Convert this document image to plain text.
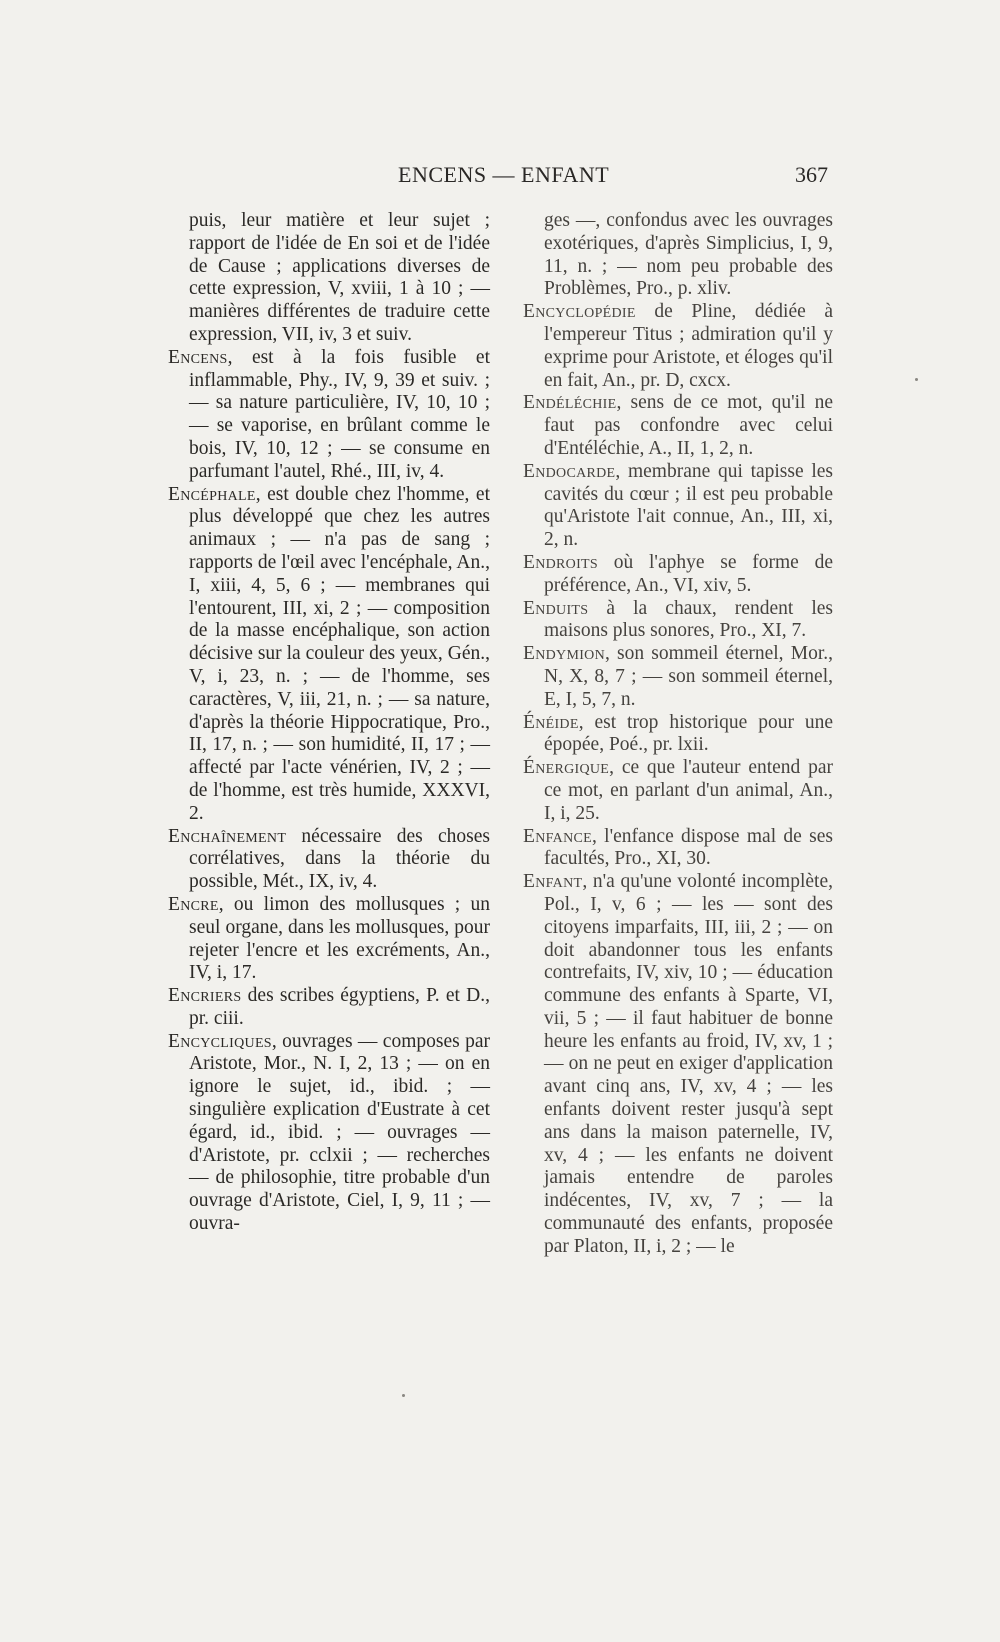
ENCENS — ENFANT	367

puis, leur matière et leur sujet ; rapport de l'idée de En soi et de l'idée de Cause ; applications diverses de cette expression, V, xviii, 1 à 10 ; — manières différentes de traduire cette expression, VII, iv, 3 et suiv.

Encens, est à la fois fusible et inflammable, Phy., IV, 9, 39 et suiv. ; — sa nature particulière, IV, 10, 10 ; — se vaporise, en brûlant comme le bois, IV, 10, 12 ; — se consume en parfumant l'autel, Rhé., III, iv, 4.

Encéphale, est double chez l'homme, et plus développé que chez les autres animaux ; — n'a pas de sang ; rapports de l'œil avec l'encéphale, An., I, xiii, 4, 5, 6 ; — membranes qui l'entourent, III, xi, 2 ; — composition de la masse encéphalique, son action décisive sur la couleur des yeux, Gén., V, i, 23, n. ; — de l'homme, ses caractères, V, iii, 21, n. ; — sa nature, d'après la théorie Hippocratique, Pro., II, 17, n. ; — son humidité, II, 17 ; — affecté par l'acte vénérien, IV, 2 ; — de l'homme, est très humide, XXXVI, 2.

Enchaînement nécessaire des choses corrélatives, dans la théorie du possible, Mét., IX, iv, 4.

Encre, ou limon des mollusques ; un seul organe, dans les mollusques, pour rejeter l'encre et les excréments, An., IV, i, 17.

Encriers des scribes égyptiens, P. et D., pr. ciii.

Encycliques, ouvrages — composes par Aristote, Mor., N. I, 2, 13 ; — on en ignore le sujet, id., ibid. ; — singulière explication d'Eustrate à cet égard, id., ibid. ; — ouvrages — d'Aristote, pr. cclxii ; — recherches — de philosophie, titre probable d'un ouvrage d'Aristote, Ciel, I, 9, 11 ; — ouvra-

ges —, confondus avec les ouvrages exotériques, d'après Simplicius, I, 9, 11, n. ; — nom peu probable des Problèmes, Pro., p. xliv.

Encyclopédie de Pline, dédiée à l'empereur Titus ; admiration qu'il y exprime pour Aristote, et éloges qu'il en fait, An., pr. D, cxcx.

Endéléchie, sens de ce mot, qu'il ne faut pas confondre avec celui d'Entéléchie, A., II, 1, 2, n.

Endocarde, membrane qui tapisse les cavités du cœur ; il est peu probable qu'Aristote l'ait connue, An., III, xi, 2, n.

Endroits où l'aphye se forme de préférence, An., VI, xiv, 5.

Enduits à la chaux, rendent les maisons plus sonores, Pro., XI, 7.

Endymion, son sommeil éternel, Mor., N, X, 8, 7 ; — son sommeil éternel, E, I, 5, 7, n.

Énéide, est trop historique pour une épopée, Poé., pr. lxii.

Énergique, ce que l'auteur entend par ce mot, en parlant d'un animal, An., I, i, 25.

Enfance, l'enfance dispose mal de ses facultés, Pro., XI, 30.

Enfant, n'a qu'une volonté incomplète, Pol., I, v, 6 ; — les — sont des citoyens imparfaits, III, iii, 2 ; — on doit abandonner tous les enfants contrefaits, IV, xiv, 10 ; — éducation commune des enfants à Sparte, VI, vii, 5 ; — il faut habituer de bonne heure les enfants au froid, IV, xv, 1 ; — on ne peut en exiger d'application avant cinq ans, IV, xv, 4 ; — les enfants doivent rester jusqu'à sept ans dans la maison paternelle, IV, xv, 4 ; — les enfants ne doivent jamais entendre de paroles indécentes, IV, xv, 7 ; — la communauté des enfants, proposée par Platon, II, i, 2 ; — le
